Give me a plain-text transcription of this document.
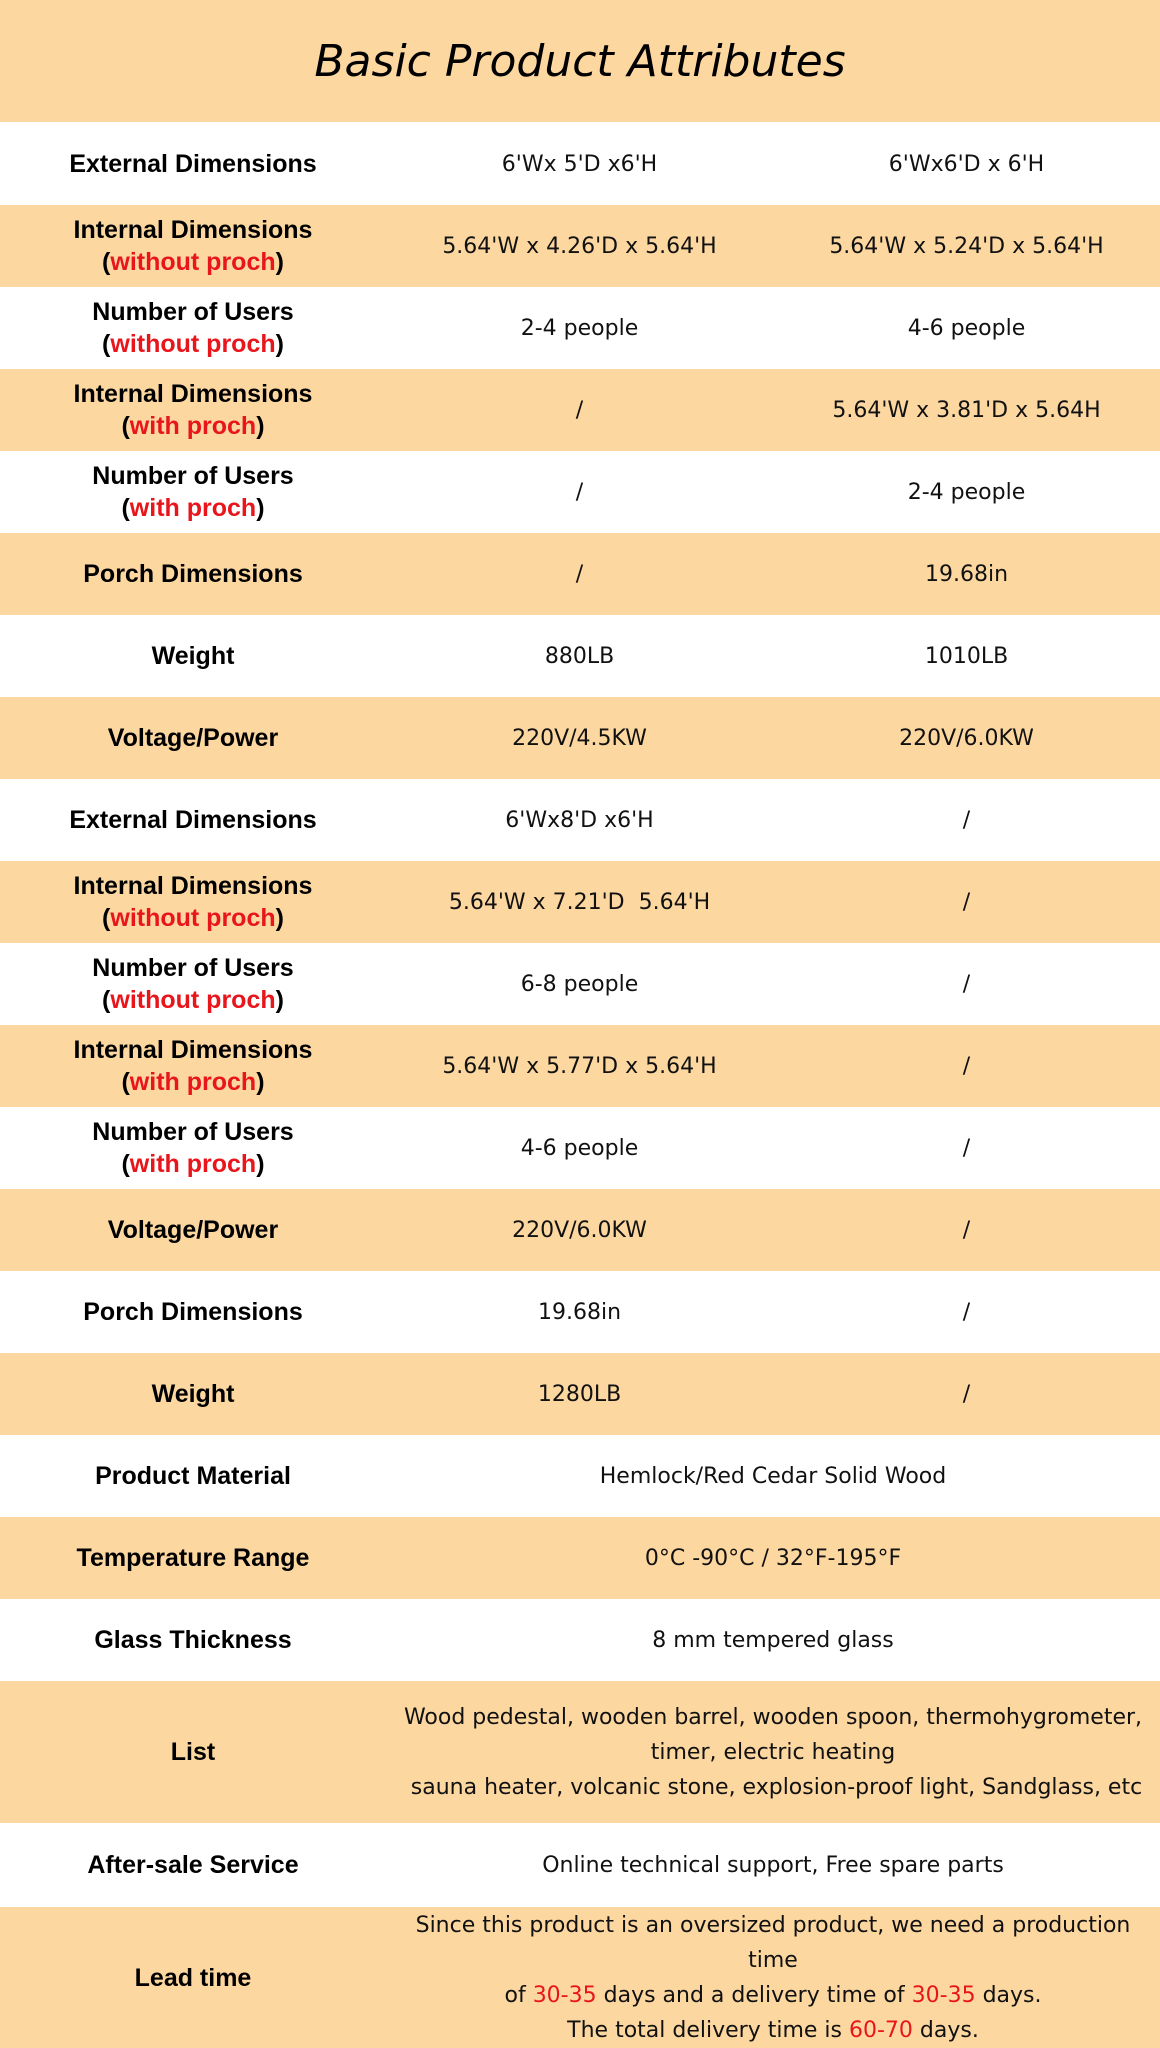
Basic Product Attributes
External Dimensions	6'Wx 5'D x6'H	6'Wx6'D x 6'H
Internal Dimensions
(without proch)
5.64'W x 4.26'D x 5.64'H	5.64'W x 5.24'D x 5.64'H
Number of Users
(without proch)
2-4 people	4-6 people
Internal Dimensions
(with proch)
/	5.64'W x 3.81'D x 5.64H
Number of Users
(with proch)
/	2-4 people
Porch Dimensions	/	19.68in
Weight	880LB	1010LB
Voltage/Power	220V/4.5KW	220V/6.0KW
External Dimensions	6'Wx8'D x6'H	/
Internal Dimensions
(without proch)
5.64'W x 7.21'D  5.64'H	/
Number of Users
(without proch)
6-8 people	/
Internal Dimensions
(with proch)
5.64'W x 5.77'D x 5.64'H	/
Number of Users
(with proch)
4-6 people	/
Voltage/Power	220V/6.0KW	/
Porch Dimensions	19.68in	/
Weight	1280LB	/
Product Material	Hemlock/Red Cedar Solid Wood
Temperature Range	0°C -90°C / 32°F-195°F
Glass Thickness	8 mm tempered glass
List
Wood pedestal, wooden barrel, wooden spoon, thermohygrometer,
timer, electric heating
sauna heater, volcanic stone, explosion-proof light, Sandglass, etc
After-sale Service	Online technical support, Free spare parts
Lead time
Since this product is an oversized product, we need a production time
of 30-35 days and a delivery time of 30-35 days.
The total delivery time is 60-70 days.
